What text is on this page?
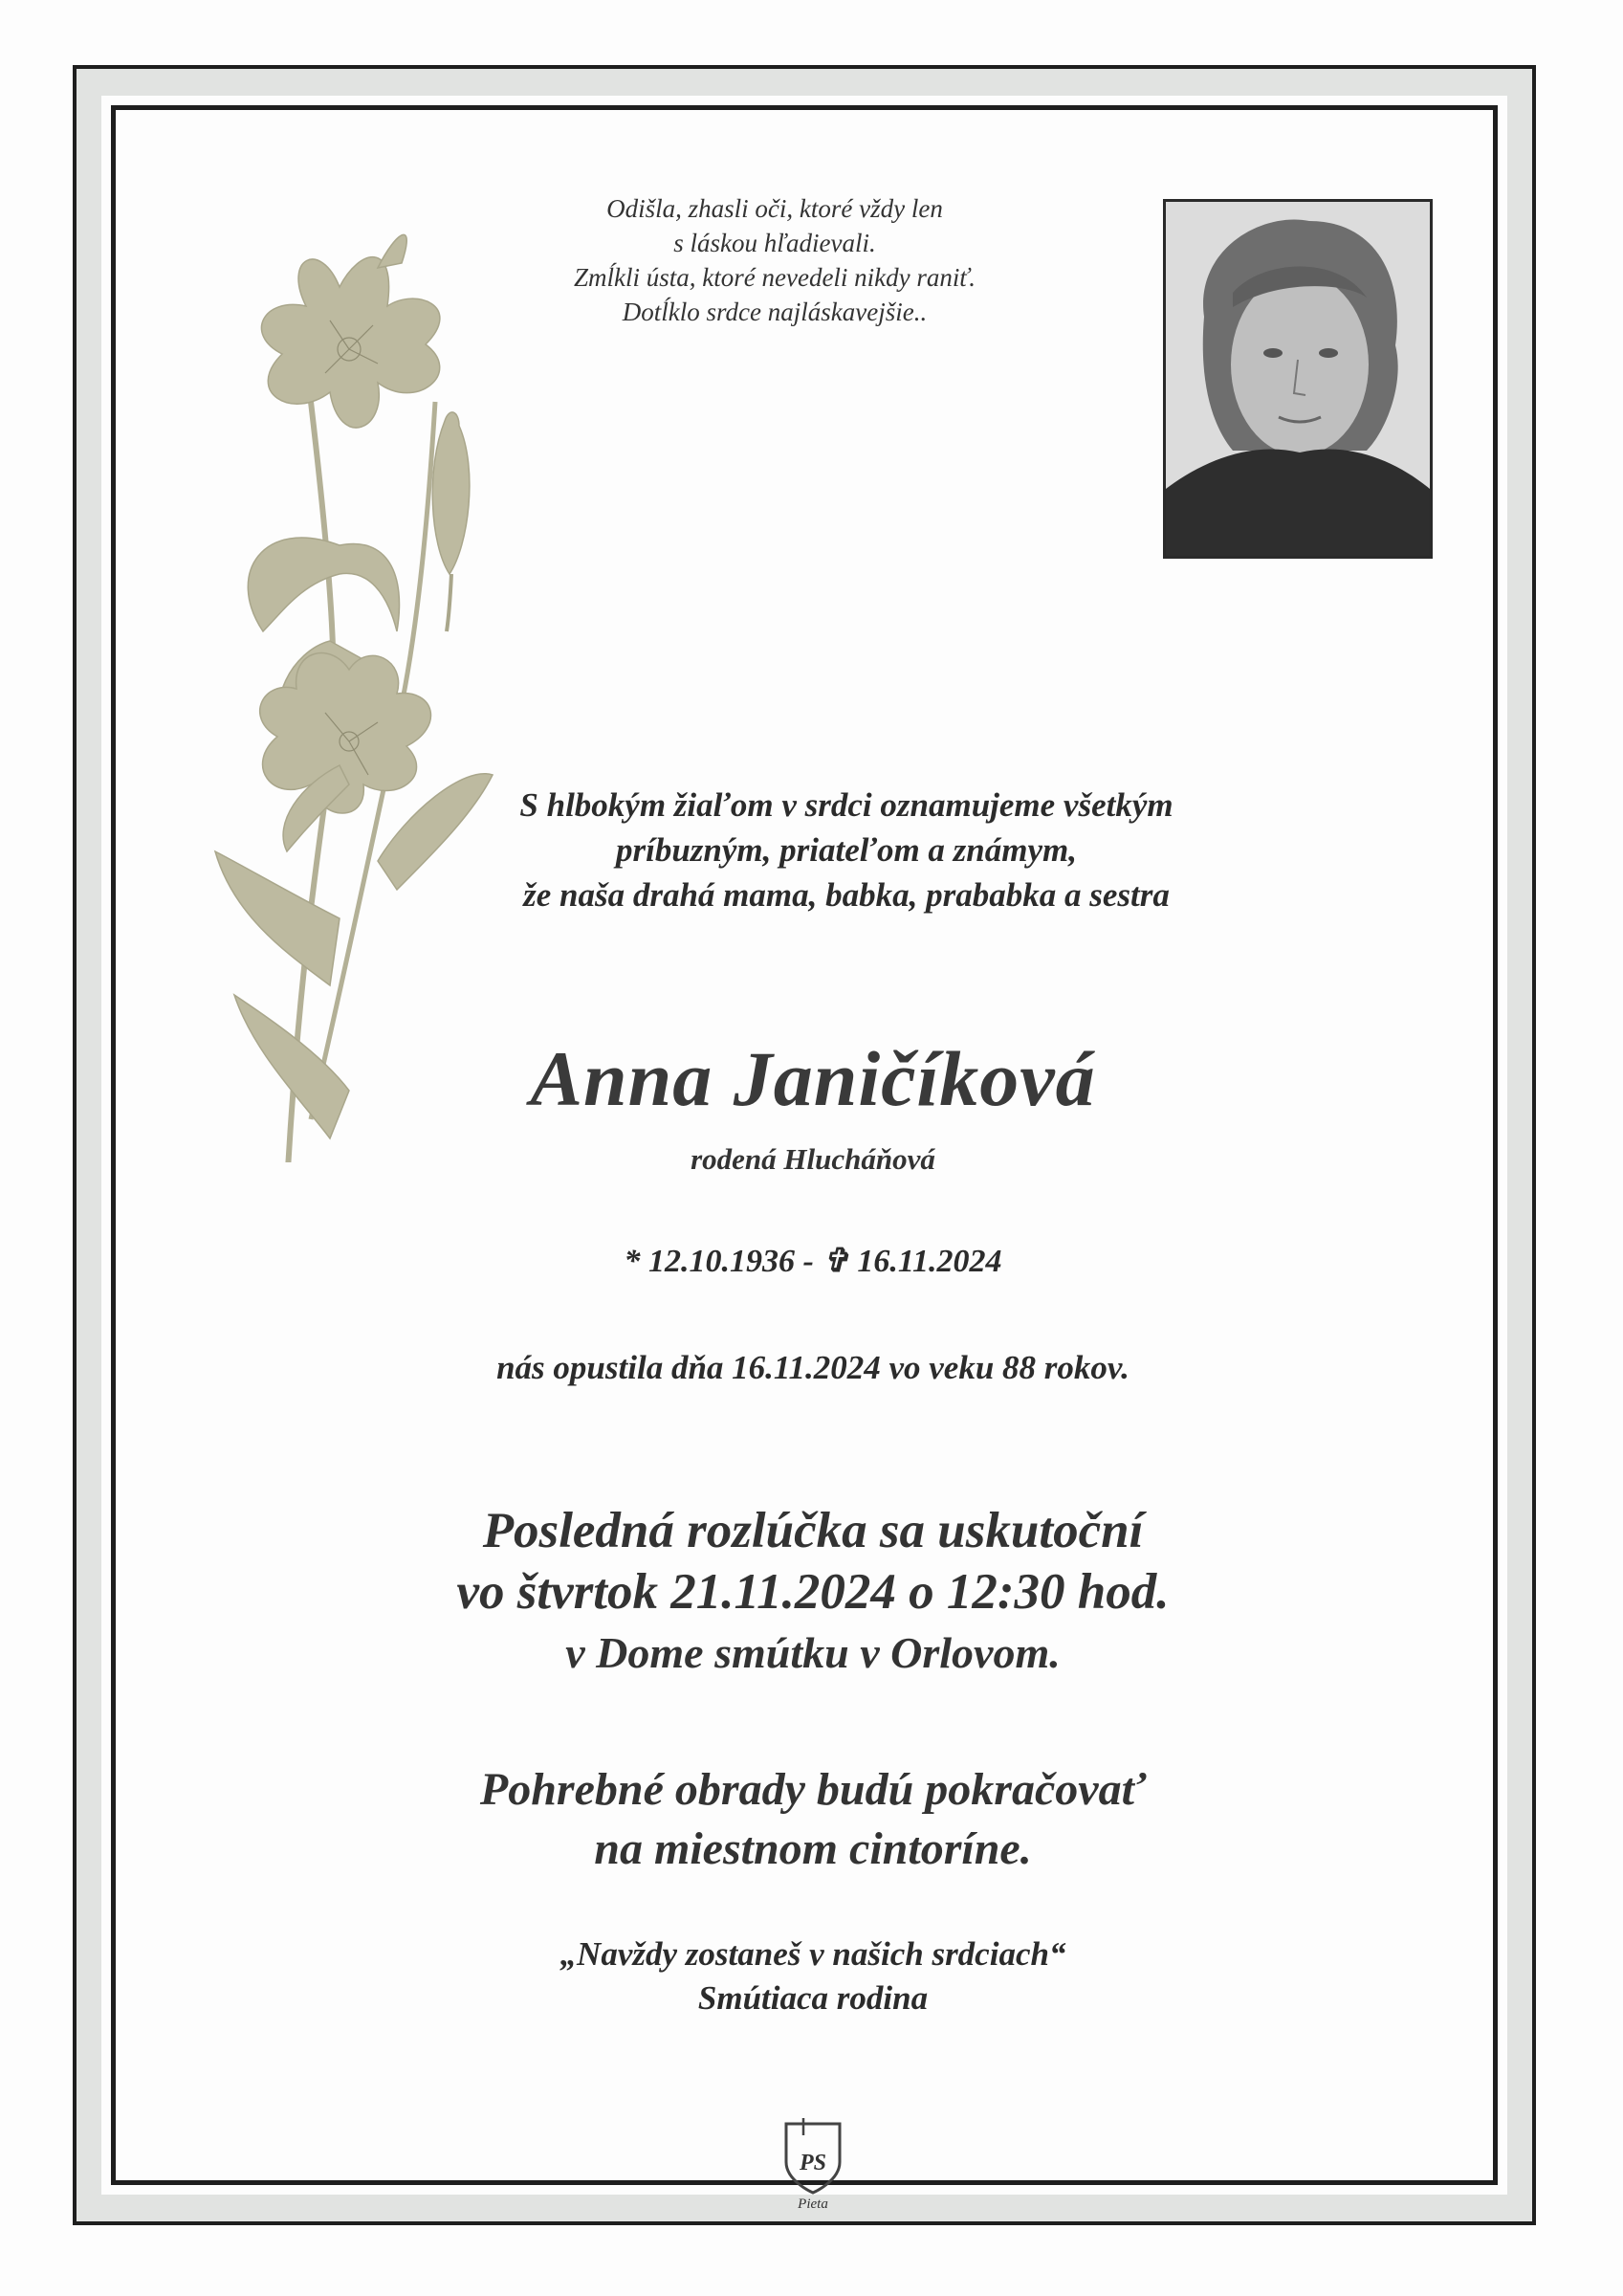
Odišla, zhasli oči, ktoré vždy len
s láskou hľadievali.
Zmĺkli ústa, ktoré nevedeli nikdy raniť.
Dotĺklo srdce najláskavejšie..
S hlbokým žiaľom v srdci oznamujeme všetkým
príbuzným, priateľom a známym,
že naša drahá mama, babka, prababka a sestra
Anna Janičíková
rodená Hlucháňová
* 12.10.1936 - ✞ 16.11.2024
nás opustila dňa 16.11.2024 vo veku 88 rokov.
Posledná rozlúčka sa uskutoční
vo štvrtok 21.11.2024 o 12:30 hod.
v Dome smútku v Orlovom.
Pohrebné obrady budú pokračovať
na miestnom cintoríne.
„Navždy zostaneš v našich srdciach“
Smútiaca rodina
PS
Pieta
